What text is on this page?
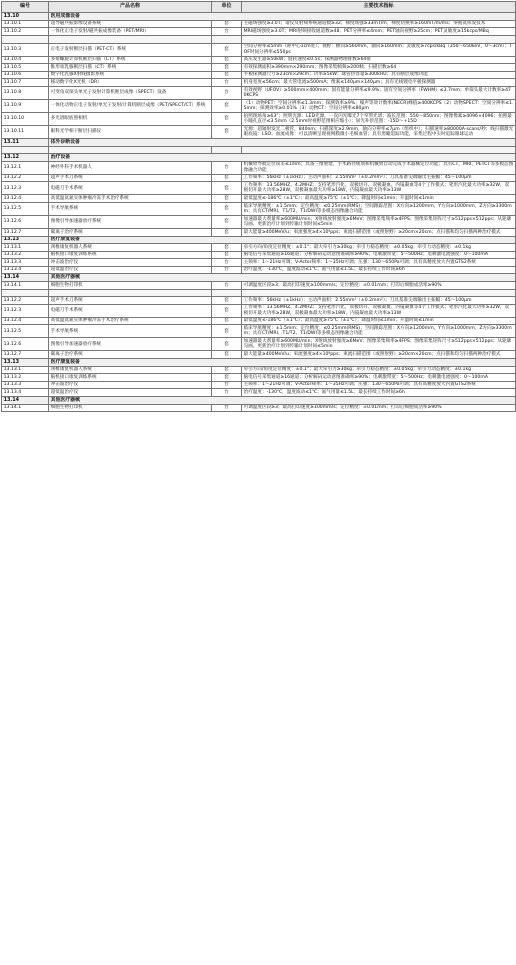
编号	产品名称	单位	主要技术指标
13.10	医用成像设备		
13.10.1	超导磁共振影像设备系统	套	主磁场强度≥3.0T；谱仪及射频系统通道数≥32；梯度场强≥33mT/m，梯度切换率≥160mT/m/ms；零液氦挥发技术
13.10.2	一体化正电子发射/磁共振成像装备（PET/MRI）	台	MRI磁场强度≥3.0T；MRI射频接收通道数≥48；PET分辨率≤4mm；PET轴向视野≥25cm；PET灵敏度≥15kcps/MBq

13.10.3	正电子发射断层扫描（PET-CT）系统	套	空间分辨率≤5mm（距中心1cm处）；视野：横向≥560mm，轴向≥160mm；灵敏度≥7cps/kBq（350～650keV，0～3cm）；TOF时间分辨率≤550ps
13.10.4	多排螺旋计算机断层扫描（CT）系统	套	高压发生器≥50kW；旋转速度≤0.5s；探测器物理排数≥64排
13.10.5	锥形束乳腺断层扫描（CT）系统	套	有效探测面积≥390mm×290mm；图像采集帧频≥200帧；扫描层数≥64
13.10.6	数字化乳腺X射线摄影系统	套	平板探测器尺寸≥23cm×29cm；功率≥5kW；球管热容量≥300kHU；具有断层成像功能
13.10.7	移动数字化X光机（DR）	台	机身宽度≤56cm；最大管电流≥500mA；像素≤140μm×140μm；具有无线锂电平板探测器
13.10.8	可变角双探头单光子发射计算机断层成像（SPECT）设备	台	有效视野（UFOV）≥500mm×400mm；固有能量分辨率≤9.9%；固有空间分辨率（FWHM）≤3.7mm；单探头最大计数率≥470KCPS
13.10.9	一体化动物正电子发射/单光子发射/计算机断层成像（PET/SPECT/CT）系统	套	（1）动物PET：空间分辨率≤1.3mm；探测效率≥9%；噪声等效计数率(NECR)峰值≥400KCPS（2）动物SPECT：空间分辨率≤1.5mm；探测效率≥0.01%（3）动物CT：空间分辨率≤80μm
13.10.10	多光谱眼底照相机	套	拍照现场角≥63°；照明光源：LED光源，一次闪光曝光7个窄带光谱；波长范围：550～850nm；图像像素≥4096×4096；拍照最小瞳孔直径≤3.5mm（2.5mm时视野范围相应缩小）；屈光补偿范围：-15D～+15D
13.10.11	眼科光学相干断层扫描仪	套	光源：超辐射发光二极管，840nm；扫描深度≥2.9mm，轴向分辨率≤7μm（组织中）；扫描速率≥80000A-scans/秒；线扫描激光眼底镜：LSO；血流成像：可以清晰呈现视网膜微小毛细血管；具有黑瞳追踪功能，采集过程中实时追踪眼球运动
13.11	体外诊断设备		

13.12	治疗设备		
13.12.1	神经外科手术机器人	台	机械臂导航定位误差≤1mm；具备三维重建，手术路径规划和机械臂自动完成手术器械定位功能；具有CT、MRI、PETCT等多模态图像融合功能
13.12.2	超声手术刀系统	套	工作频率：56kHz（±1kHz）；主动声面积：2.55mm²（±0.2mm²）；刀具基准尖端输出主振幅：45～100μm
13.12.3	电磁刀手术系统	套	工作频率：13.56MHZ、4.2MHZ；支持笔形汽化、双极切开、双极凝血、内镜凝血等4个工作模式；笔形汽化最大功率≥32W，双极切开最大功率≥28W，双极凝血最大功率≥18W，内镜凝血最大功率≥13W
13.12.4	高低温氦氮实体肿瘤冷冻手术治疗系统	套	最低温度≤-186℃（±1℃）；最高温度≥75℃（±1℃）；降温时间≤1min；升温时间≤1min
13.12.5	手术导航系统	套	临床导航精度：±1.5mm；定位精度：≤0.25mm(RMS)；空间跟踪范围：X方向≥1200mm，Y方向≥1000mm，Z方向≥3300mm；具有CT/MRI、T1/T2、T1/DWI等多模态图像融合功能
13.12.6	图像引导加速器放疗系统	套	加速器最大剂量率≥600MU/min；X射线放射强度≥6MeV；图像采集频率≥4FPS；图像采集矩阵尺寸≥512pps×512pps；从轮廓勾画、更新治疗计划到传输计划时间≤5min
13.12.7	碳离子治疗系统	套	最大能量≥400MeV/u；束流强度≥4×10⁸pps；束流扫描范围（或照射野）≥20cm×20cm；点扫描和均匀扫描两种治疗模式
13.13	医疗康复装备		
13.13.1	颈椎康复机器人系统	套	牵引方向/角度定位精度：±0.1°；最大牵引力≥30kg；牵引力稳态精度：±0.05kg；牵引力动态精度：±0.1kg
13.13.2	脑机接口康复训练系统	套	脑电信号采集通道≥16通道；分析解码运动意图准确率≥90%；电刺激带宽：5～500Hz；电刺激电流强度：0～100mA
13.13.3	冲击波治疗仪	台	主频率：1～21Hz可调；V-Actor频率：1～35Hz可调；压强：130～650Pa可调；具有高精度放大内置GTS2系统
13.13.4	超低温治疗仪	台	治疗温度：-130℃，温度波动≤1℃；氮气用量≤1.5L；最长持续工作时间≥6h
13.14	其他医疗器械		
13.14.1	细胞生物打印机	台	可调温度区段≥3；最高打印速度≥100mm/s；定位精度：±0.01mm；打印后细胞成活率≥90%

13.12.2	超声手术刀系统	套	工作频率：56kHz（±1kHz）；主动声面积：2.55mm²（±0.2mm²）；刀具基准尖端输出主振幅：45～100μm
13.12.3	电磁刀手术系统	套	工作频率：13.56MHZ、4.2MHZ；支持笔形汽化、双极切开、双极凝血、内镜凝血等4个工作模式；笔形汽化最大功率≥32W，双极切开最大功率≥28W，双极凝血最大功率≥18W，内镜凝血最大功率≥13W
13.12.4	高低温氦氮实体肿瘤冷冻手术治疗系统	套	最低温度≤-186℃（±1℃）；最高温度≥75℃（±1℃）；降温时间≤1min；升温时间≤1min
13.12.5	手术导航系统	套	临床导航精度：±1.5mm；定位精度：≤0.25mm(RMS)；空间跟踪范围：X方向≥1200mm，Y方向≥1000mm，Z方向≥3300mm；具有CT/MRI、T1/T2、T1/DWI等多模态图像融合功能
13.12.6	图像引导加速器放疗系统	套	加速器最大剂量率≥600MU/min；X射线放射强度≥6MeV；图像采集频率≥4FPS；图像采集矩阵尺寸≥512pps×512pps；从轮廓勾画、更新治疗计划到传输计划时间≤5min
13.12.7	碳离子治疗系统	套	最大能量≥400MeV/u；束流强度≥4×10⁸pps；束流扫描范围（或照射野）≥20cm×20cm；点扫描和均匀扫描两种治疗模式
13.13	医疗康复装备		
13.13.1	颈椎康复机器人系统	套	牵引方向/角度定位精度：±0.1°；最大牵引力≥30kg；牵引力稳态精度：±0.05kg；牵引力动态精度：±0.1kg
13.13.2	脑机接口康复训练系统	套	脑电信号采集通道≥16通道；分析解码运动意图准确率≥90%；电刺激带宽：5～500Hz；电刺激电流强度：0～100mA
13.13.3	冲击波治疗仪	台	主频率：1～21Hz可调；V-Actor频率：1～35Hz可调；压强：130～650Pa可调；具有高精度放大内置GTS2系统
13.13.4	超低温治疗仪	台	治疗温度：-130℃，温度波动≤1℃；氮气用量≤1.5L；最长持续工作时间≥6h
13.14	其他医疗器械		
13.14.1	细胞生物打印机	台	可调温度区段≥3；最高打印速度≥100mm/s；定位精度：±0.01mm；打印后细胞成活率≥90%
